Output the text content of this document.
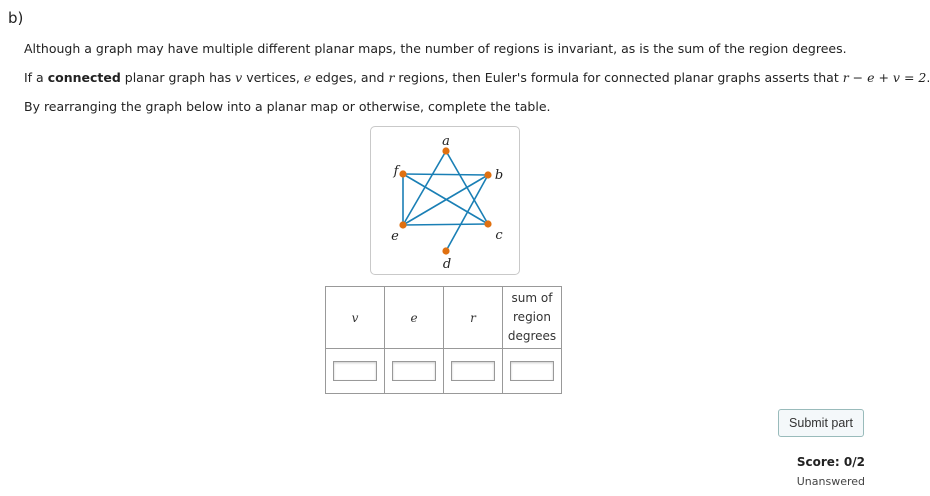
b)
Although a graph may have multiple different planar maps, the number of regions is invariant, as is the sum of the region degrees.
If a connected planar graph has v vertices, e edges, and r regions, then Euler's formula for connected planar graphs asserts that r − e + v = 2.
By rearranging the graph below into a planar map or otherwise, complete the table.
a
b
c
d
e
f
v	e	r	sum of
region
degrees

Submit part
Score: 0/2
Unanswered
